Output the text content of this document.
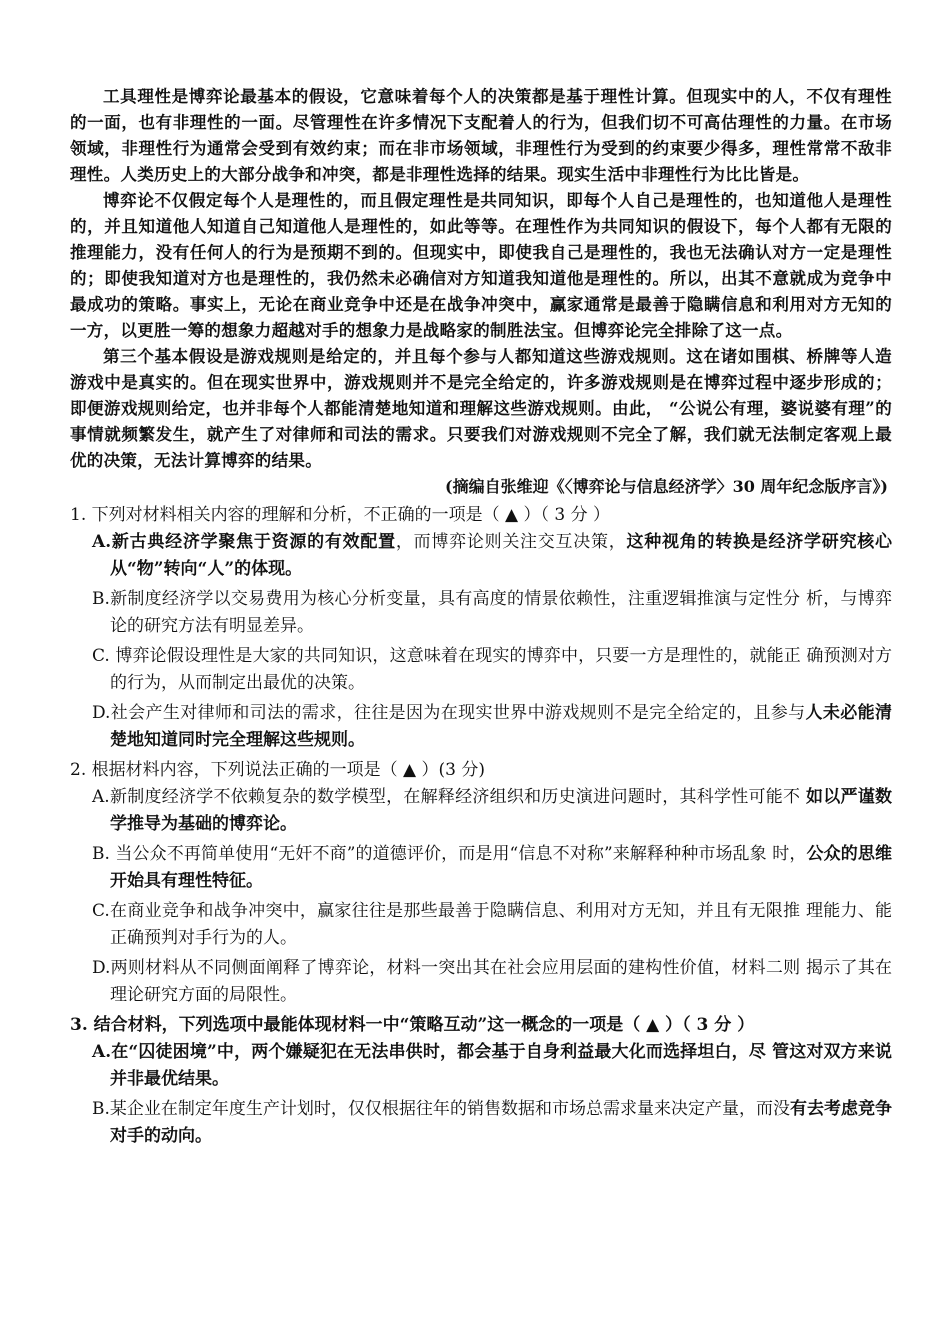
工具理性是博弈论最基本的假设，它意味着每个人的决策都是基于理性计算。但现实中的人，不仅有理性的一面，也有非理性的一面。尽管理性在许多情况下支配着人的行为，但我们切不可高估理性的力量。在市场领域，非理性行为通常会受到有效约束；而在非市场领域，非理性行为受到的约束要少得多，理性常常不敌非理性。人类历史上的大部分战争和冲突，都是非理性选择的结果。现实生活中非理性行为比比皆是。

博弈论不仅假定每个人是理性的，而且假定理性是共同知识，即每个人自己是理性的，也知道他人是理性的，并且知道他人知道自己知道他人是理性的，如此等等。在理性作为共同知识的假设下，每个人都有无限的推理能力，没有任何人的行为是预期不到的。但现实中，即使我自己是理性的，我也无法确认对方一定是理性的；即使我知道对方也是理性的，我仍然未必确信对方知道我知道他是理性的。所以，出其不意就成为竞争中最成功的策略。事实上，无论在商业竞争中还是在战争冲突中，赢家通常是最善于隐瞒信息和利用对方无知的一方，以更胜一筹的想象力超越对手的想象力是战略家的制胜法宝。但博弈论完全排除了这一点。

第三个基本假设是游戏规则是给定的，并且每个参与人都知道这些游戏规则。这在诸如围棋、桥牌等人造游戏中是真实的。但在现实世界中，游戏规则并不是完全给定的，许多游戏规则是在博弈过程中逐步形成的；即便游戏规则给定，也并非每个人都能清楚地知道和理解这些游戏规则。由此， “公说公有理，婆说婆有理”的事情就频繁发生，就产生了对律师和司法的需求。只要我们对游戏规则不完全了解，我们就无法制定客观上最优的决策，无法计算博弈的结果。

(摘编自张维迎《〈博弈论与信息经济学〉30 周年纪念版序言》)

1. 下列对材料相关内容的理解和分析，不正确的一项是（ ▲ ）（ 3 分 ）

A.新古典经济学聚焦于资源的有效配置，而博弈论则关注交互决策，这种视角的转换是经济学研究核心从“物”转向“人”的体现。

B.新制度经济学以交易费用为核心分析变量，具有高度的情景依赖性，注重逻辑推演与定性分 析，与博弈论的研究方法有明显差异。

C. 博弈论假设理性是大家的共同知识，这意味着在现实的博弈中，只要一方是理性的，就能正 确预测对方的行为，从而制定出最优的决策。

D.社会产生对律师和司法的需求，往往是因为在现实世界中游戏规则不是完全给定的，且参与人未必能清楚地知道同时完全理解这些规则。

2. 根据材料内容，下列说法正确的一项是（ ▲ ）(3 分)

A.新制度经济学不依赖复杂的数学模型，在解释经济组织和历史演进问题时，其科学性可能不 如以严谨数学推导为基础的博弈论。

B. 当公众不再简单使用“无奸不商”的道德评价，而是用“信息不对称”来解释种种市场乱象 时，公众的思维开始具有理性特征。

C.在商业竞争和战争冲突中，赢家往往是那些最善于隐瞒信息、利用对方无知，并且有无限推 理能力、能正确预判对手行为的人。

D.两则材料从不同侧面阐释了博弈论，材料一突出其在社会应用层面的建构性价值，材料二则 揭示了其在理论研究方面的局限性。

3. 结合材料，下列选项中最能体现材料一中“策略互动”这一概念的一项是（ ▲ ）（ 3 分 ）

A.在“囚徒困境”中，两个嫌疑犯在无法串供时，都会基于自身利益最大化而选择坦白，尽 管这对双方来说并非最优结果。

B.某企业在制定年度生产计划时，仅仅根据往年的销售数据和市场总需求量来决定产量，而没有去考虑竞争对手的动向。
